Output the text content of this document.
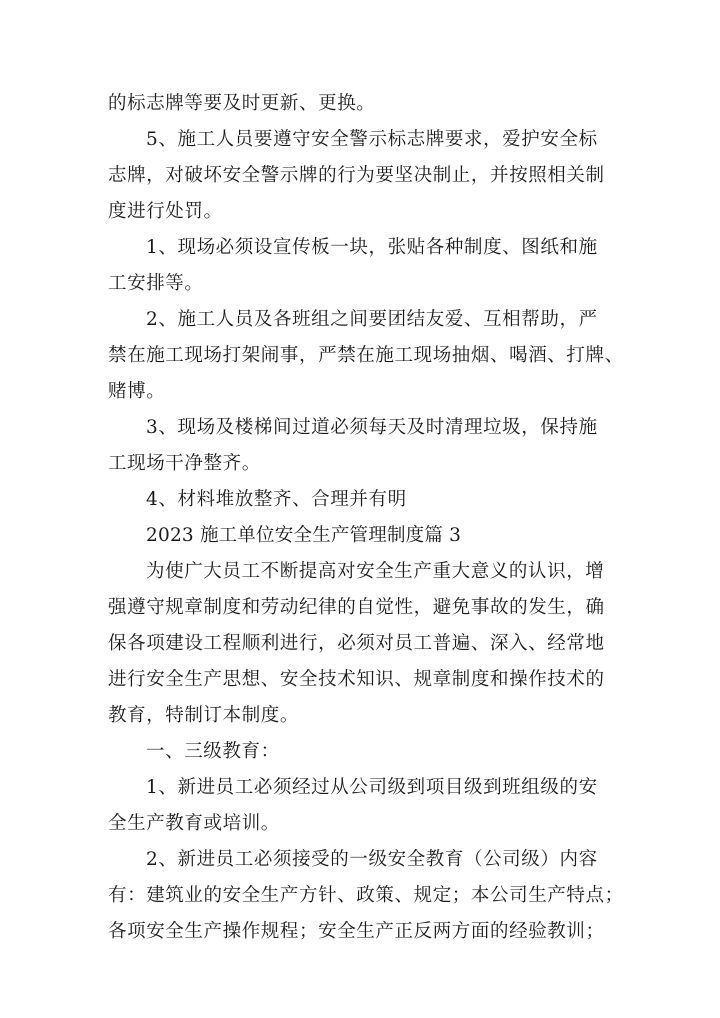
的标志牌等要及时更新、更换。
5、施工人员要遵守安全警示标志牌要求，爱护安全标
志牌，对破坏安全警示牌的行为要坚决制止，并按照相关制
度进行处罚。
1、现场必须设宣传板一块，张贴各种制度、图纸和施
工安排等。
2、施工人员及各班组之间要团结友爱、互相帮助，严
禁在施工现场打架闹事，严禁在施工现场抽烟、喝酒、打牌、
赌博。
3、现场及楼梯间过道必须每天及时清理垃圾，保持施
工现场干净整齐。
4、材料堆放整齐、合理并有明
2023 施工单位安全生产管理制度篇 3
为使广大员工不断提高对安全生产重大意义的认识，增
强遵守规章制度和劳动纪律的自觉性，避免事故的发生，确
保各项建设工程顺利进行，必须对员工普遍、深入、经常地
进行安全生产思想、安全技术知识、规章制度和操作技术的
教育，特制订本制度。
一、三级教育：
1、新进员工必须经过从公司级到项目级到班组级的安
全生产教育或培训。
2、新进员工必须接受的一级安全教育（公司级）内容
有：建筑业的安全生产方针、政策、规定；本公司生产特点；
各项安全生产操作规程；安全生产正反两方面的经验教训；
